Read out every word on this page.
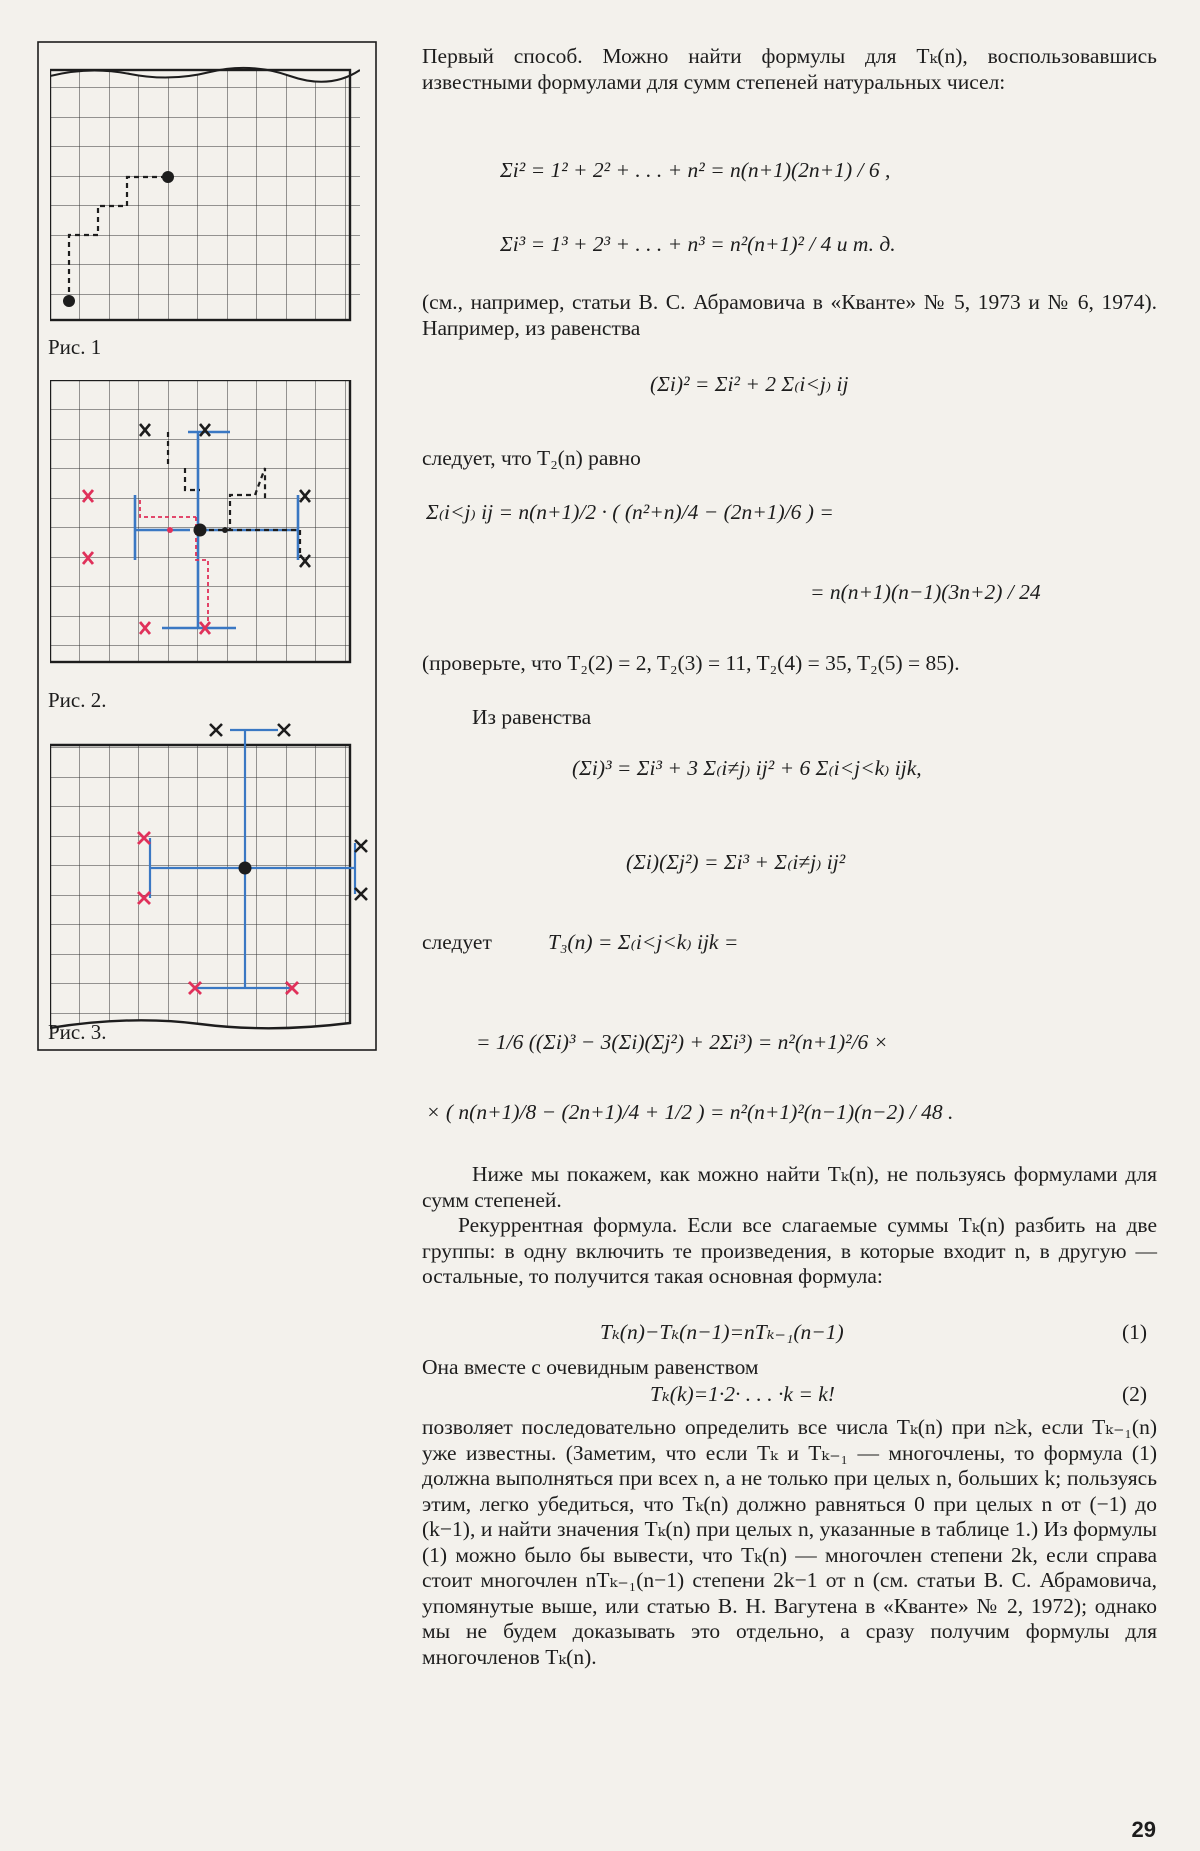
Рис. 1
Рис. 2.
Рис. 3.

Первый способ. Можно найти формулы для Tₖ(n), воспользовавшись известными формулами для сумм степеней натуральных чисел:

Σi² = 1² + 2² + . . . + n² = n(n+1)(2n+1) / 6 ,
Σi³ = 1³ + 2³ + . . . + n³ = n²(n+1)² / 4 и т. д.

(см., например, статьи В. С. Абрамовича в «Кванте» № 5, 1973 и № 6, 1974). Например, из равенства

(Σi)² = Σi² + 2 Σ₍i<j₎ ij

следует, что T₂(n) равно

Σ₍i<j₎ ij = n(n+1)/2 · ( (n²+n)/4 − (2n+1)/6 ) =
= n(n+1)(n−1)(3n+2) / 24

(проверьте, что T₂(2) = 2, T₂(3) = 11, T₂(4) = 35, T₂(5) = 85).

Из равенства

(Σi)³ = Σi³ + 3 Σ₍i≠j₎ ij² + 6 Σ₍i<j<k₎ ijk,
(Σi)(Σj²) = Σi³ + Σ₍i≠j₎ ij²

следует	T₃(n) = Σ₍i<j<k₎ ijk =
= 1/6 ((Σi)³ − 3(Σi)(Σj²) + 2Σi³) = n²(n+1)²/6 ×
× ( n(n+1)/8 − (2n+1)/4 + 1/2 ) = n²(n+1)²(n−1)(n−2) / 48 .

Ниже мы покажем, как можно найти Tₖ(n), не пользуясь формулами для сумм степеней.

Рекуррентная формула. Если все слагаемые суммы Tₖ(n) разбить на две группы: в одну включить те произведения, в которые входит n, в другую — остальные, то получится такая основная формула:

Tₖ(n)−Tₖ(n−1)=nTₖ₋₁(n−1)	(1)

Она вместе с очевидным равенством

Tₖ(k)=1·2· . . . ·k = k!	(2)

позволяет последовательно определить все числа Tₖ(n) при n≥k, если Tₖ₋₁(n) уже известны. (Заметим, что если Tₖ и Tₖ₋₁ — многочлены, то формула (1) должна выполняться при всех n, а не только при целых n, больших k; пользуясь этим, легко убедиться, что Tₖ(n) должно равняться 0 при целых n от (−1) до (k−1), и найти значения Tₖ(n) при целых n, указанные в таблице 1.) Из формулы (1) можно было бы вывести, что Tₖ(n) — многочлен степени 2k, если справа стоит многочлен nTₖ₋₁(n−1) степени 2k−1 от n (см. статьи В. С. Абрамовича, упомянутые выше, или статью В. Н. Вагутена в «Кванте» № 2, 1972); однако мы не будем доказывать это отдельно, а сразу получим формулы для многочленов Tₖ(n).

29
